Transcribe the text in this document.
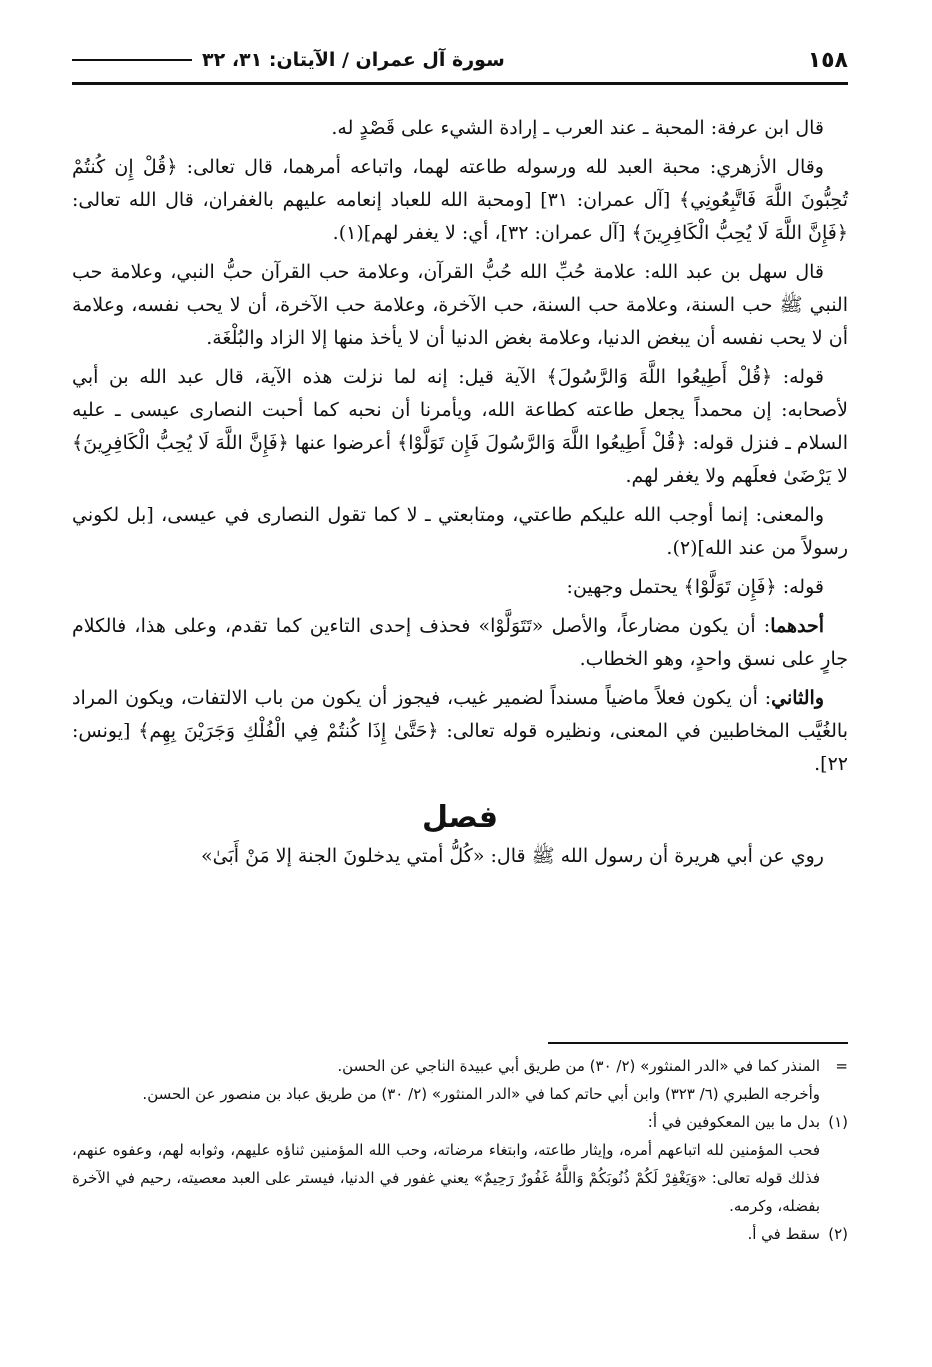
١٥٨
سورة آل عمران / الآيتان: ٣١، ٣٢

قال ابن عرفة: المحبة ـ عند العرب ـ إرادة الشيء على قَصْدٍ له.

وقال الأزهري: محبة العبد لله ورسوله طاعته لهما، واتباعه أمرهما، قال تعالى: ﴿قُلْ إِن كُنتُمْ تُحِبُّونَ اللَّهَ فَاتَّبِعُونِي﴾ [آل عمران: ٣١] [ومحبة الله للعباد إنعامه عليهم بالغفران، قال الله تعالى: ﴿فَإِنَّ اللَّهَ لَا يُحِبُّ الْكَافِرِينَ﴾ [آل عمران: ٣٢]، أي: لا يغفر لهم](١).

قال سهل بن عبد الله: علامة حُبِّ الله حُبُّ القرآن، وعلامة حب القرآن حبُّ النبي، وعلامة حب النبي ﷺ حب السنة، وعلامة حب السنة، حب الآخرة، وعلامة حب الآخرة، أن لا يحب نفسه، وعلامة أن لا يحب نفسه أن يبغض الدنيا، وعلامة بغض الدنيا أن لا يأخذ منها إلا الزاد والبُلْغَة.

قوله: ﴿قُلْ أَطِيعُوا اللَّهَ وَالرَّسُولَ﴾ الآية قيل: إنه لما نزلت هذه الآية، قال عبد الله بن أبي لأصحابه: إن محمداً يجعل طاعته كطاعة الله، ويأمرنا أن نحبه كما أحبت النصارى عيسى ـ عليه السلام ـ فنزل قوله: ﴿قُلْ أَطِيعُوا اللَّهَ وَالرَّسُولَ فَإِن تَوَلَّوْا﴾ أعرضوا عنها ﴿فَإِنَّ اللَّهَ لَا يُحِبُّ الْكَافِرِينَ﴾ لا يَرْضَىٰ فعلَهم ولا يغفر لهم.

والمعنى: إنما أوجب الله عليكم طاعتي، ومتابعتي ـ لا كما تقول النصارى في عيسى، [بل لكوني رسولاً من عند الله](٢).

قوله: ﴿فَإِن تَوَلَّوْا﴾ يحتمل وجهين:

أحدهما: أن يكون مضارعاً، والأصل «تَتَوَلَّوْا» فحذف إحدى التاءين كما تقدم، وعلى هذا، فالكلام جارٍ على نسق واحدٍ، وهو الخطاب.

والثاني: أن يكون فعلاً ماضياً مسنداً لضمير غيب، فيجوز أن يكون من باب الالتفات، ويكون المراد بالغُيَّب المخاطبين في المعنى، ونظيره قوله تعالى: ﴿حَتَّىٰ إِذَا كُنتُمْ فِي الْفُلْكِ وَجَرَيْنَ بِهِم﴾ [يونس: ٢٢].

فصل

روي عن أبي هريرة أن رسول الله ﷺ قال: «كُلُّ أمتي يدخلونَ الجنة إلا مَنْ أَبَىٰ»

=
المنذر كما في «الدر المنثور» (٢/ ٣٠) من طريق أبي عبيدة الناجي عن الحسن.

وأخرجه الطبري (٦/ ٣٢٣) وابن أبي حاتم كما في «الدر المنثور» (٢/ ٣٠) من طريق عباد بن منصور عن الحسن.

(١)
بدل ما بين المعكوفين في أ:

فحب المؤمنين لله اتباعهم أمره، وإيثار طاعته، وابتغاء مرضاته، وحب الله المؤمنين ثناؤه عليهم، وثوابه لهم، وعفوه عنهم، فذلك قوله تعالى: «وَيَغْفِرْ لَكُمْ ذُنُوبَكُمْ وَاللَّهُ غَفُورٌ رَحِيمٌ» يعني غفور في الدنيا، فيستر على العبد معصيته، رحيم في الآخرة بفضله، وكرمه.

(٢)
سقط في أ.
